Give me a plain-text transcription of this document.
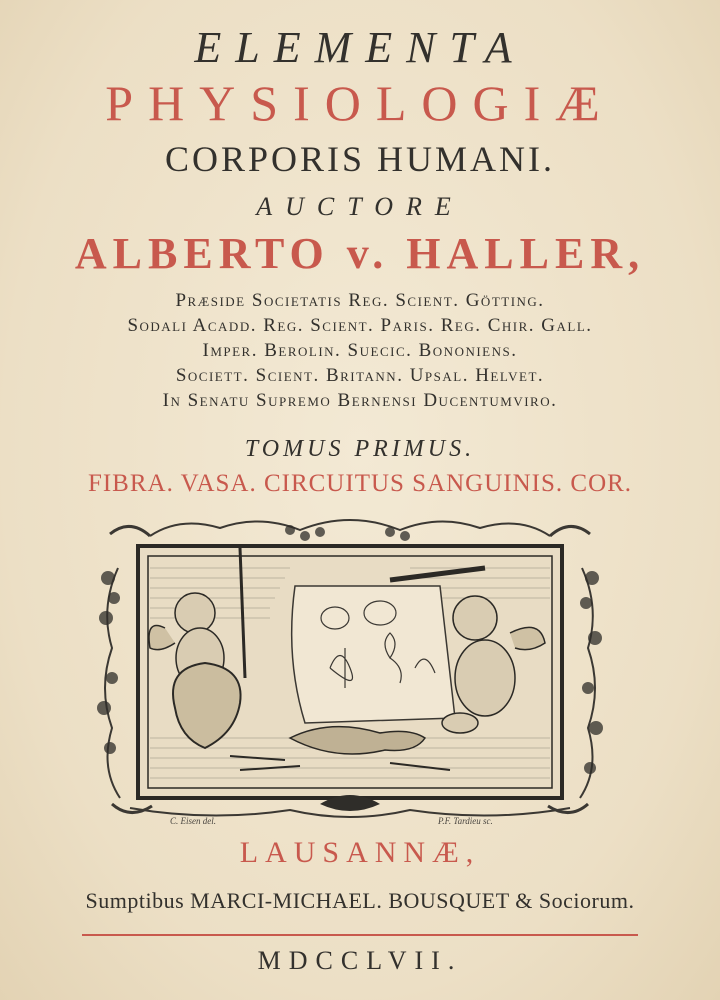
ELEMENTA
PHYSIOLOGIÆ
CORPORIS HUMANI.
AUCTORE
ALBERTO v. HALLER,
Præside Societatis Reg. Scient. Götting.
Sodali Acadd. Reg. Scient. Paris. Reg. Chir. Gall.
Imper. Berolin. Suecic. Bononiens.
Societt. Scient. Britann. Upsal. Helvet.
In Senatu Supremo Bernensi Ducentumviro.
TOMUS PRIMUS.
FIBRA. VASA. CIRCUITUS SANGUINIS. COR.
C. Eisen del.	P.F. Tardieu sc.
LAUSANNÆ,
Sumptibus MARCI-MICHAEL. BOUSQUET & Sociorum.
MDCCLVII.
